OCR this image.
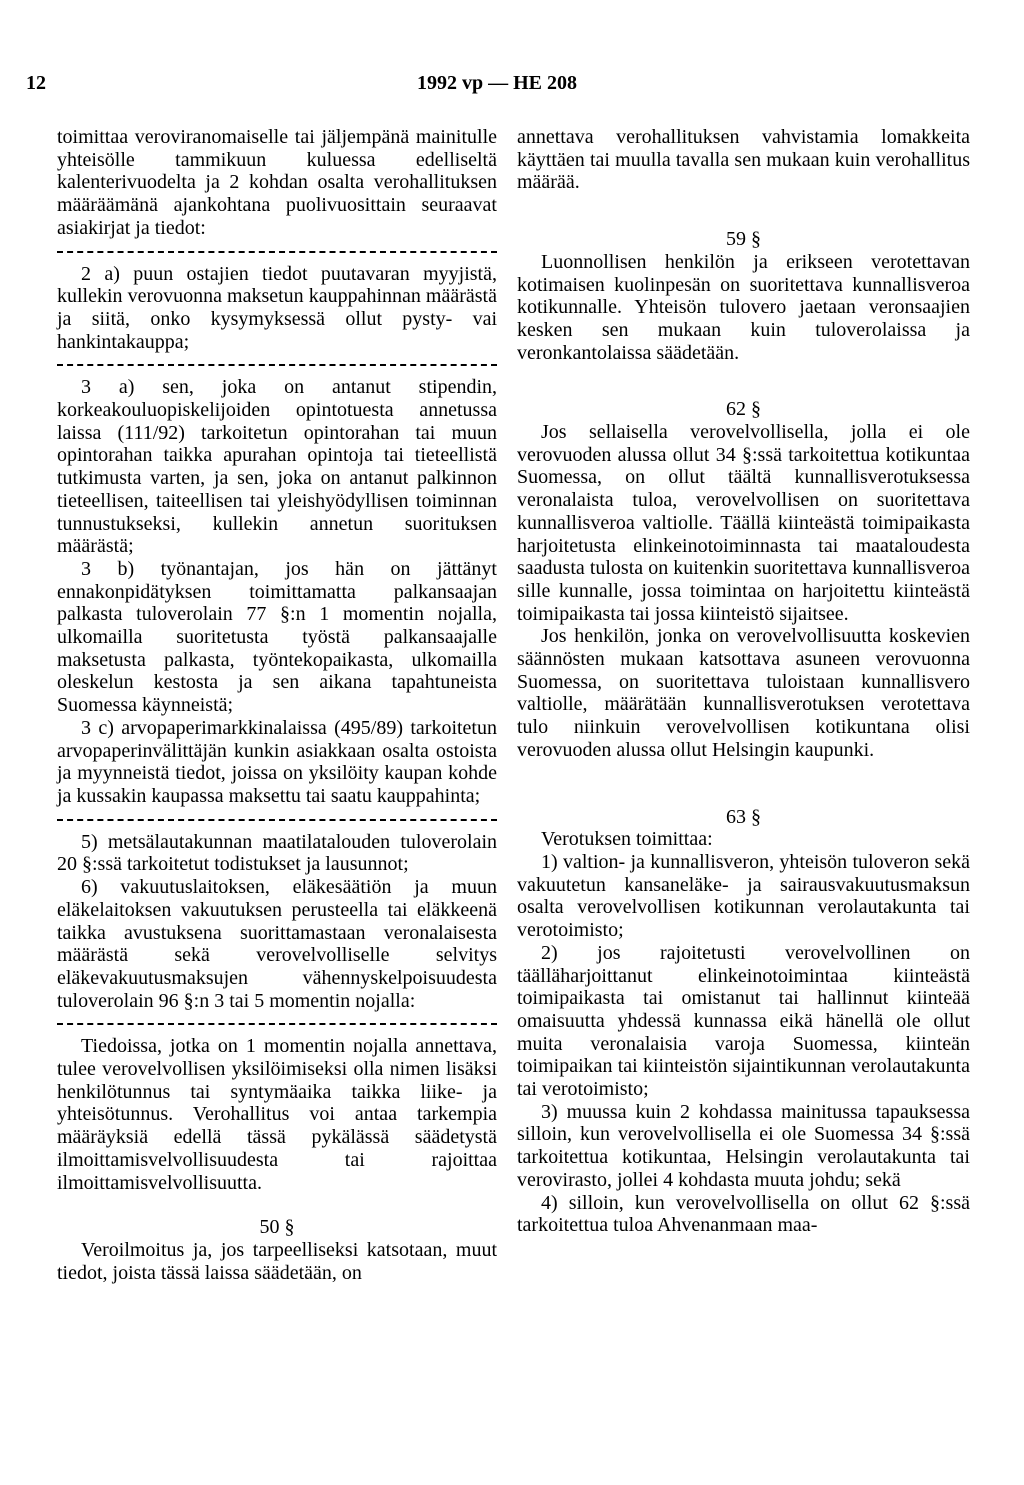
12	1992 vp — HE 208

toimittaa veroviranomaiselle tai jäljempänä mainitulle yhteisölle tammikuun kuluessa edelliseltä kalenterivuodelta ja 2 kohdan osalta verohallituksen määräämänä ajankohtana puolivuosittain seuraavat asiakirjat ja tiedot:

2 a) puun ostajien tiedot puutavaran myyjistä, kullekin verovuonna maksetun kauppahinnan määrästä ja siitä, onko kysymyksessä ollut pysty- vai hankintakauppa;

3 a) sen, joka on antanut stipendin, korkeakouluopiskelijoiden opintotuesta annetussa laissa (111/92) tarkoitetun opintorahan tai muun opintorahan taikka apurahan opintoja tai tieteellistä tutkimusta varten, ja sen, joka on antanut palkinnon tieteellisen, taiteellisen tai yleishyödyllisen toiminnan tunnustukseksi, kullekin annetun suorituksen määrästä;

3 b) työnantajan, jos hän on jättänyt ennakonpidätyksen toimittamatta palkansaajan palkasta tuloverolain 77 §:n 1 momentin nojalla, ulkomailla suoritetusta työstä palkansaajalle maksetusta palkasta, työntekopaikasta, ulkomailla oleskelun kestosta ja sen aikana tapahtuneista Suomessa käynneistä;

3 c) arvopaperimarkkinalaissa (495/89) tarkoitetun arvopaperinvälittäjän kunkin asiakkaan osalta ostoista ja myynneistä tiedot, joissa on yksilöity kaupan kohde ja kussakin kaupassa maksettu tai saatu kauppahinta;

5) metsälautakunnan maatilatalouden tuloverolain 20 §:ssä tarkoitetut todistukset ja lausunnot;

6) vakuutuslaitoksen, eläkesäätiön ja muun eläkelaitoksen vakuutuksen perusteella tai eläkkeenä taikka avustuksena suorittamastaan veronalaisesta määrästä sekä verovelvolliselle selvitys eläkevakuutusmaksujen vähennyskelpoisuudesta tuloverolain 96 §:n 3 tai 5 momentin nojalla:

Tiedoissa, jotka on 1 momentin nojalla annettava, tulee verovelvollisen yksilöimiseksi olla nimen lisäksi henkilötunnus tai syntymäaika taikka liike- ja yhteisötunnus. Verohallitus voi antaa tarkempia määräyksiä edellä tässä pykälässä säädetystä ilmoittamisvelvollisuudesta tai rajoittaa ilmoittamisvelvollisuutta.

50 §

Veroilmoitus ja, jos tarpeelliseksi katsotaan, muut tiedot, joista tässä laissa säädetään, on

annettava verohallituksen vahvistamia lomakkeita käyttäen tai muulla tavalla sen mukaan kuin verohallitus määrää.

59 §

Luonnollisen henkilön ja erikseen verotettavan kotimaisen kuolinpesän on suoritettava kunnallisveroa kotikunnalle. Yhteisön tulovero jaetaan veronsaajien kesken sen mukaan kuin tuloverolaissa ja veronkantolaissa säädetään.

62 §

Jos sellaisella verovelvollisella, jolla ei ole verovuoden alussa ollut 34 §:ssä tarkoitettua kotikuntaa Suomessa, on ollut täältä kunnallisverotuksessa veronalaista tuloa, verovelvollisen on suoritettava kunnallisveroa valtiolle. Täällä kiinteästä toimipaikasta harjoitetusta elinkeinotoiminnasta tai maataloudesta saadusta tulosta on kuitenkin suoritettava kunnallisveroa sille kunnalle, jossa toimintaa on harjoitettu kiinteästä toimipaikasta tai jossa kiinteistö sijaitsee.

Jos henkilön, jonka on verovelvollisuutta koskevien säännösten mukaan katsottava asuneen verovuonna Suomessa, on suoritettava tuloistaan kunnallisvero valtiolle, määrätään kunnallisverotuksen verotettava tulo niinkuin verovelvollisen kotikuntana olisi verovuoden alussa ollut Helsingin kaupunki.

63 §

Verotuksen toimittaa:

1) valtion- ja kunnallisveron, yhteisön tuloveron sekä vakuutetun kansaneläke- ja sairausvakuutusmaksun osalta verovelvollisen kotikunnan verolautakunta tai verotoimisto;

2) jos rajoitetusti verovelvollinen on täälläharjoittanut elinkeinotoimintaa kiinteästä toimipaikasta tai omistanut tai hallinnut kiinteää omaisuutta yhdessä kunnassa eikä hänellä ole ollut muita veronalaisia varoja Suomessa, kiinteän toimipaikan tai kiinteistön sijaintikunnan verolautakunta tai verotoimisto;

3) muussa kuin 2 kohdassa mainitussa tapauksessa silloin, kun verovelvollisella ei ole Suomessa 34 §:ssä tarkoitettua kotikuntaa, Helsingin verolautakunta tai verovirasto, jollei 4 kohdasta muuta johdu; sekä

4) silloin, kun verovelvollisella on ollut 62 §:ssä tarkoitettua tuloa Ahvenanmaan maa-
